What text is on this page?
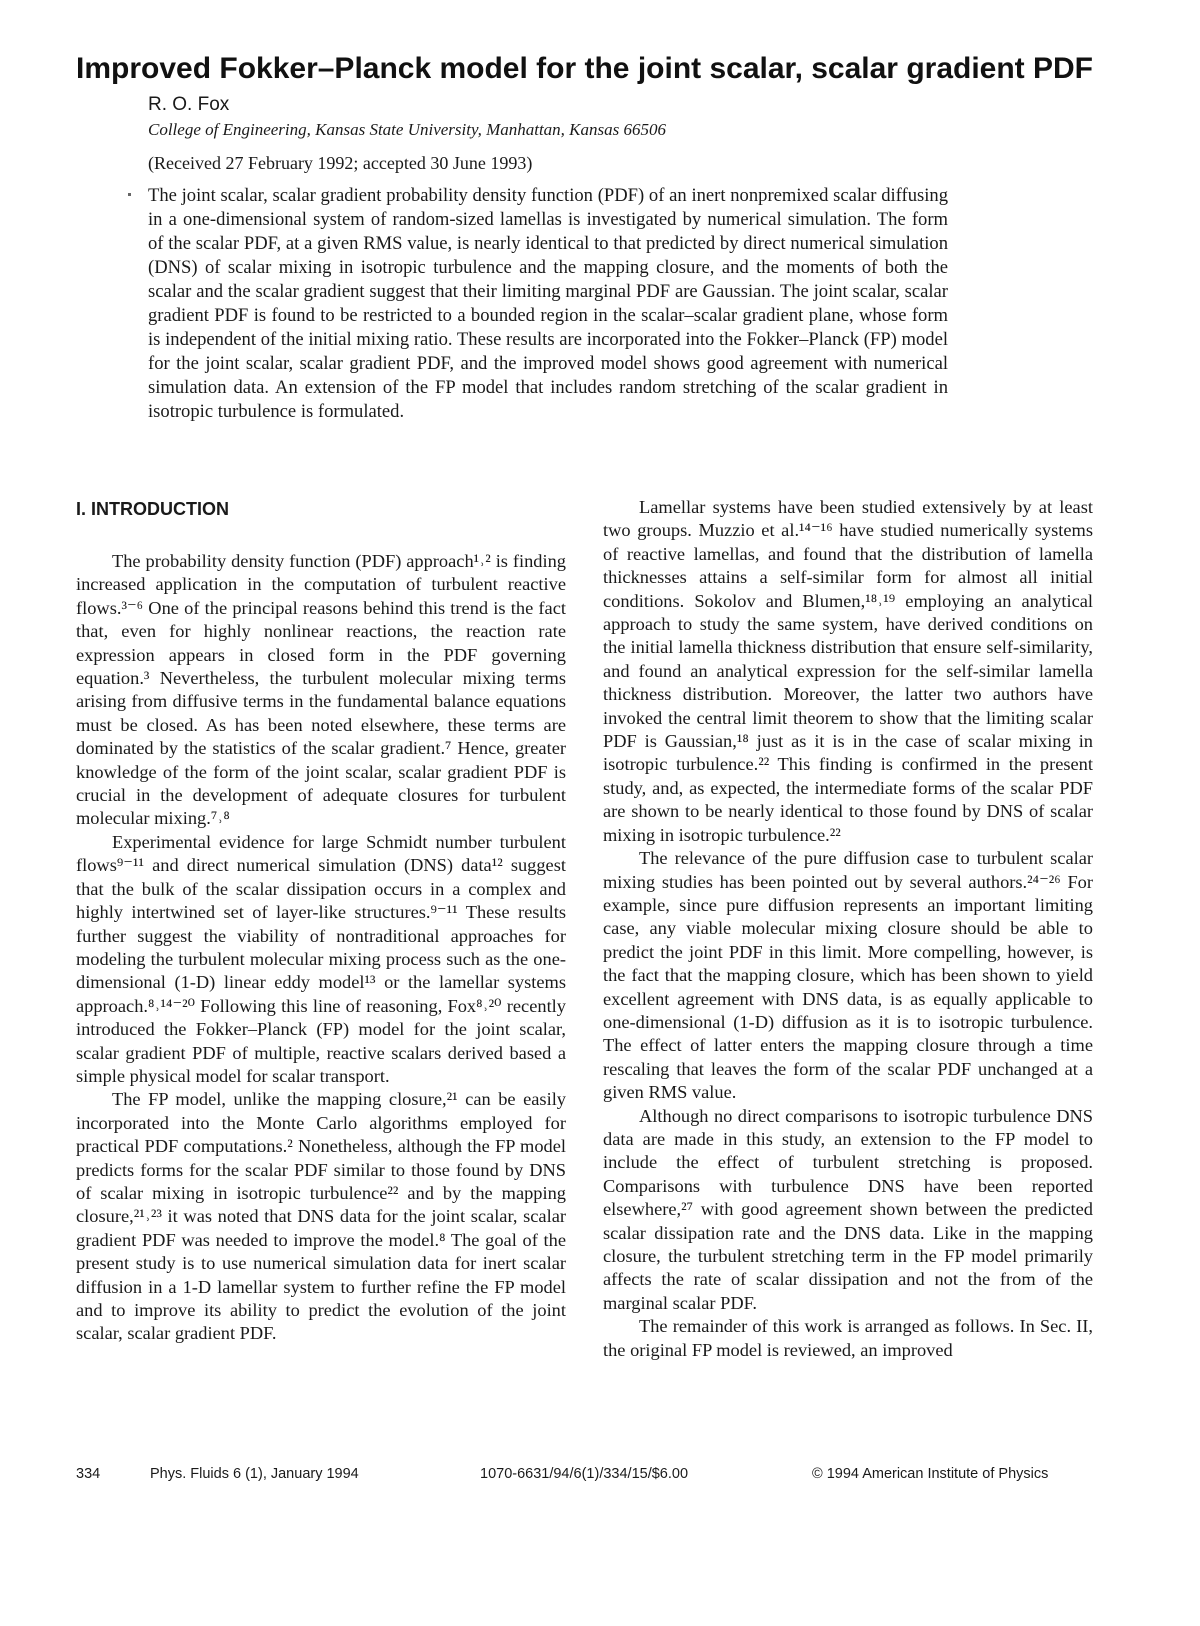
Improved Fokker–Planck model for the joint scalar, scalar gradient PDF
R. O. Fox
College of Engineering, Kansas State University, Manhattan, Kansas 66506
(Received 27 February 1992; accepted 30 June 1993)
The joint scalar, scalar gradient probability density function (PDF) of an inert nonpremixed scalar diffusing in a one-dimensional system of random-sized lamellas is investigated by numerical simulation. The form of the scalar PDF, at a given RMS value, is nearly identical to that predicted by direct numerical simulation (DNS) of scalar mixing in isotropic turbulence and the mapping closure, and the moments of both the scalar and the scalar gradient suggest that their limiting marginal PDF are Gaussian. The joint scalar, scalar gradient PDF is found to be restricted to a bounded region in the scalar–scalar gradient plane, whose form is independent of the initial mixing ratio. These results are incorporated into the Fokker–Planck (FP) model for the joint scalar, scalar gradient PDF, and the improved model shows good agreement with numerical simulation data. An extension of the FP model that includes random stretching of the scalar gradient in isotropic turbulence is formulated.
I. INTRODUCTION

The probability density function (PDF) approach¹˒² is finding increased application in the computation of turbulent reactive flows.³⁻⁶ One of the principal reasons behind this trend is the fact that, even for highly nonlinear reactions, the reaction rate expression appears in closed form in the PDF governing equation.³ Nevertheless, the turbulent molecular mixing terms arising from diffusive terms in the fundamental balance equations must be closed. As has been noted elsewhere, these terms are dominated by the statistics of the scalar gradient.⁷ Hence, greater knowledge of the form of the joint scalar, scalar gradient PDF is crucial in the development of adequate closures for turbulent molecular mixing.⁷˒⁸

Experimental evidence for large Schmidt number turbulent flows⁹⁻¹¹ and direct numerical simulation (DNS) data¹² suggest that the bulk of the scalar dissipation occurs in a complex and highly intertwined set of layer-like structures.⁹⁻¹¹ These results further suggest the viability of nontraditional approaches for modeling the turbulent molecular mixing process such as the one-dimensional (1-D) linear eddy model¹³ or the lamellar systems approach.⁸˒¹⁴⁻²⁰ Following this line of reasoning, Fox⁸˒²⁰ recently introduced the Fokker–Planck (FP) model for the joint scalar, scalar gradient PDF of multiple, reactive scalars derived based a simple physical model for scalar transport.

The FP model, unlike the mapping closure,²¹ can be easily incorporated into the Monte Carlo algorithms employed for practical PDF computations.² Nonetheless, although the FP model predicts forms for the scalar PDF similar to those found by DNS of scalar mixing in isotropic turbulence²² and by the mapping closure,²¹˒²³ it was noted that DNS data for the joint scalar, scalar gradient PDF was needed to improve the model.⁸ The goal of the present study is to use numerical simulation data for inert scalar diffusion in a 1-D lamellar system to further refine the FP model and to improve its ability to predict the evolution of the joint scalar, scalar gradient PDF.

Lamellar systems have been studied extensively by at least two groups. Muzzio et al.¹⁴⁻¹⁶ have studied numerically systems of reactive lamellas, and found that the distribution of lamella thicknesses attains a self-similar form for almost all initial conditions. Sokolov and Blumen,¹⁸˒¹⁹ employing an analytical approach to study the same system, have derived conditions on the initial lamella thickness distribution that ensure self-similarity, and found an analytical expression for the self-similar lamella thickness distribution. Moreover, the latter two authors have invoked the central limit theorem to show that the limiting scalar PDF is Gaussian,¹⁸ just as it is in the case of scalar mixing in isotropic turbulence.²² This finding is confirmed in the present study, and, as expected, the intermediate forms of the scalar PDF are shown to be nearly identical to those found by DNS of scalar mixing in isotropic turbulence.²²

The relevance of the pure diffusion case to turbulent scalar mixing studies has been pointed out by several authors.²⁴⁻²⁶ For example, since pure diffusion represents an important limiting case, any viable molecular mixing closure should be able to predict the joint PDF in this limit. More compelling, however, is the fact that the mapping closure, which has been shown to yield excellent agreement with DNS data, is as equally applicable to one-dimensional (1-D) diffusion as it is to isotropic turbulence. The effect of latter enters the mapping closure through a time rescaling that leaves the form of the scalar PDF unchanged at a given RMS value.

Although no direct comparisons to isotropic turbulence DNS data are made in this study, an extension to the FP model to include the effect of turbulent stretching is proposed. Comparisons with turbulence DNS have been reported elsewhere,²⁷ with good agreement shown between the predicted scalar dissipation rate and the DNS data. Like in the mapping closure, the turbulent stretching term in the FP model primarily affects the rate of scalar dissipation and not the from of the marginal scalar PDF.

The remainder of this work is arranged as follows. In Sec. II, the original FP model is reviewed, an improved

334	Phys. Fluids 6 (1), January 1994	1070-6631/94/6(1)/334/15/$6.00	© 1994 American Institute of Physics
